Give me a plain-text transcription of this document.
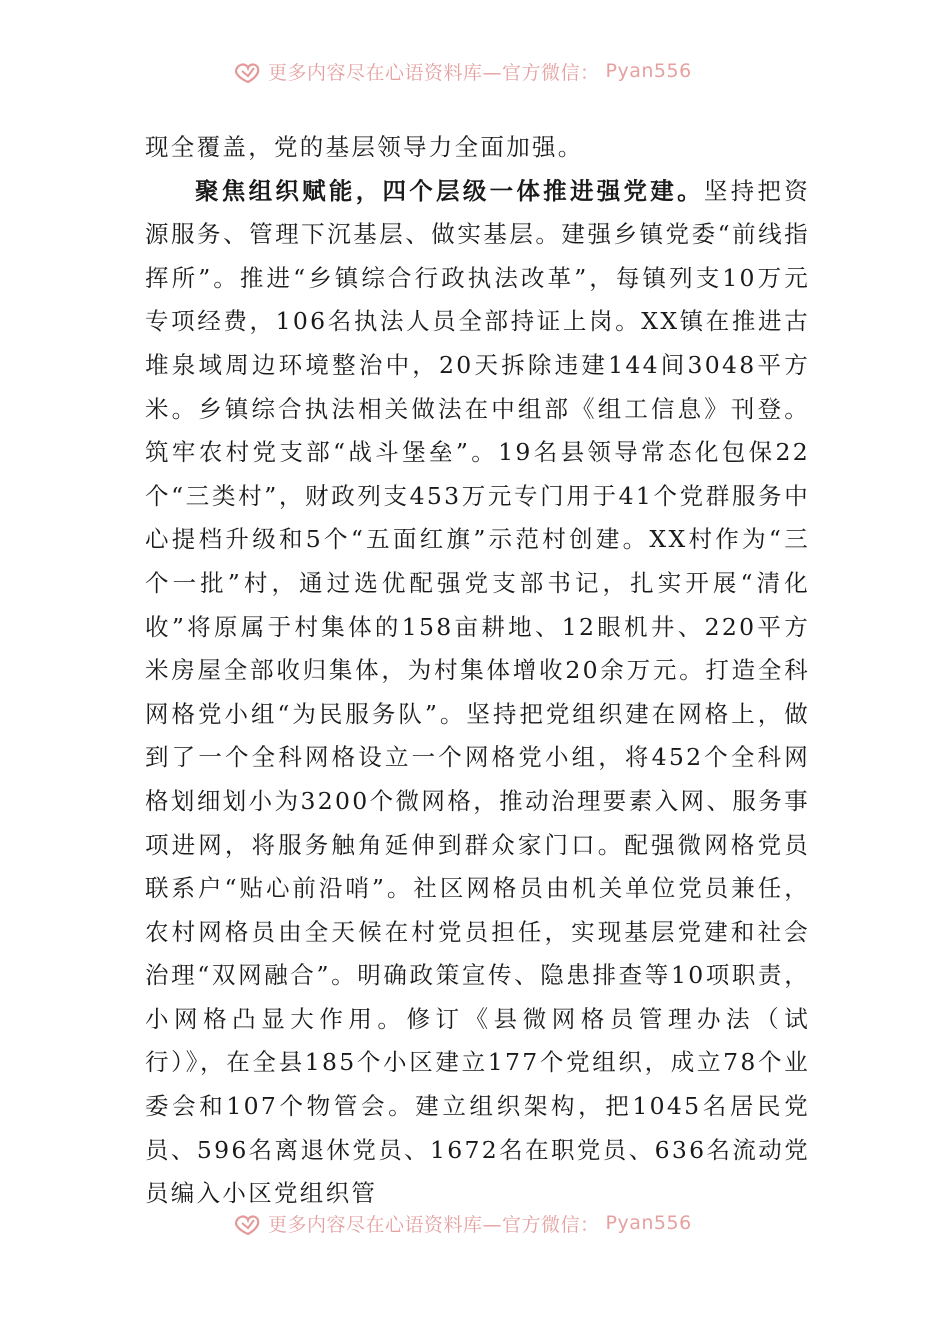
更多内容尽在心语资料库—官方微信： Pyan556

现全覆盖，党的基层领导力全面加强。

聚焦组织赋能，四个层级一体推进强党建。坚持把资源服务、管理下沉基层、做实基层。建强乡镇党委“前线指挥所”。推进“乡镇综合行政执法改革”，每镇列支10万元专项经费，106名执法人员全部持证上岗。XX镇在推进古堆泉域周边环境整治中，20天拆除违建144间3048平方米。乡镇综合执法相关做法在中组部《组工信息》刊登。筑牢农村党支部“战斗堡垒”。19名县领导常态化包保22个“三类村”，财政列支453万元专门用于41个党群服务中心提档升级和5个“五面红旗”示范村创建。XX村作为“三个一批”村，通过选优配强党支部书记，扎实开展“清化收”将原属于村集体的158亩耕地、12眼机井、220平方米房屋全部收归集体，为村集体增收20余万元。打造全科网格党小组“为民服务队”。坚持把党组织建在网格上，做到了一个全科网格设立一个网格党小组，将452个全科网格划细划小为3200个微网格，推动治理要素入网、服务事项进网，将服务触角延伸到群众家门口。配强微网格党员联系户“贴心前沿哨”。社区网格员由机关单位党员兼任，农村网格员由全天候在村党员担任，实现基层党建和社会治理“双网融合”。明确政策宣传、隐患排查等10项职责，小网格凸显大作用。修订《县微网格员管理办法（试行）》，在全县185个小区建立177个党组织，成立78个业委会和107个物管会。建立组织架构，把1045名居民党员、596名离退休党员、1672名在职党员、636名流动党员编入小区党组织管

更多内容尽在心语资料库—官方微信： Pyan556
